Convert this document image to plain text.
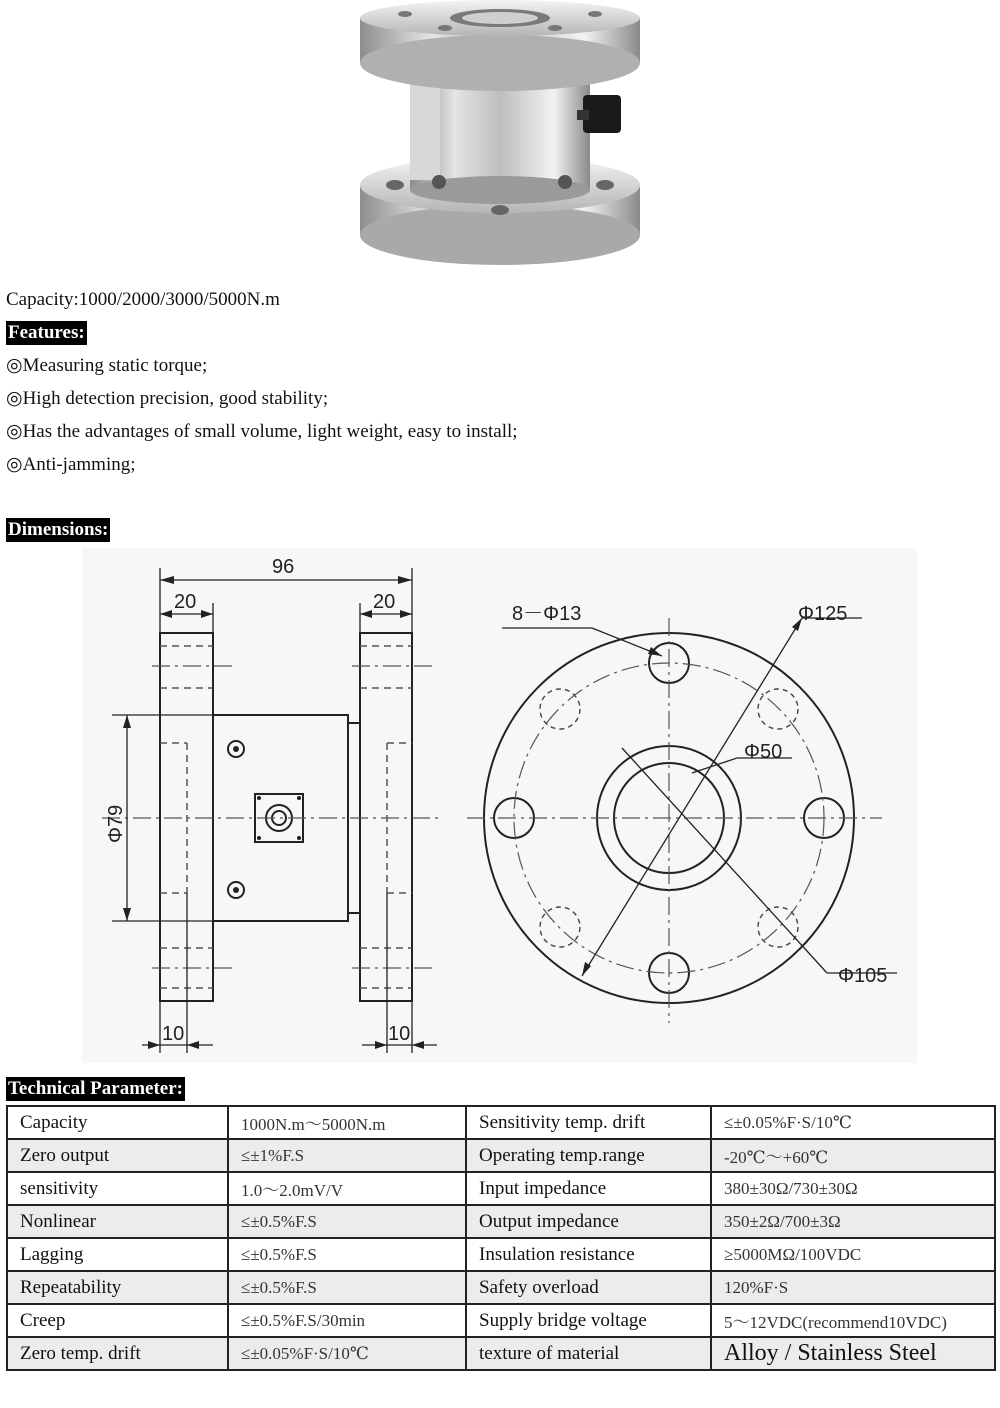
Capacity:1000/2000/3000/5000N.m
Features:
◎Measuring static torque;
◎High detection precision, good stability;
◎Has the advantages of small volume, light weight, easy to install;
◎Anti-jamming;
Dimensions:
96
20	20
Φ79
10	10
8－Φ13	Φ125
Φ50
Φ105
Technical Parameter:
Capacity	1000N.m～5000N.m	Sensitivity temp. drift	≤±0.05%F·S/10℃
Zero output	≤±1%F.S	Operating temp.range	-20℃～+60℃
sensitivity	1.0～2.0mV/V	Input impedance	380±30Ω/730±30Ω
Nonlinear	≤±0.5%F.S	Output impedance	350±2Ω/700±3Ω
Lagging	≤±0.5%F.S	Insulation resistance	≥5000MΩ/100VDC
Repeatability	≤±0.5%F.S	Safety overload	120%F·S
Creep	≤±0.5%F.S/30min	Supply bridge voltage	5～12VDC(recommend10VDC)
Zero temp. drift	≤±0.05%F·S/10℃	texture of material	Alloy / Stainless Steel
